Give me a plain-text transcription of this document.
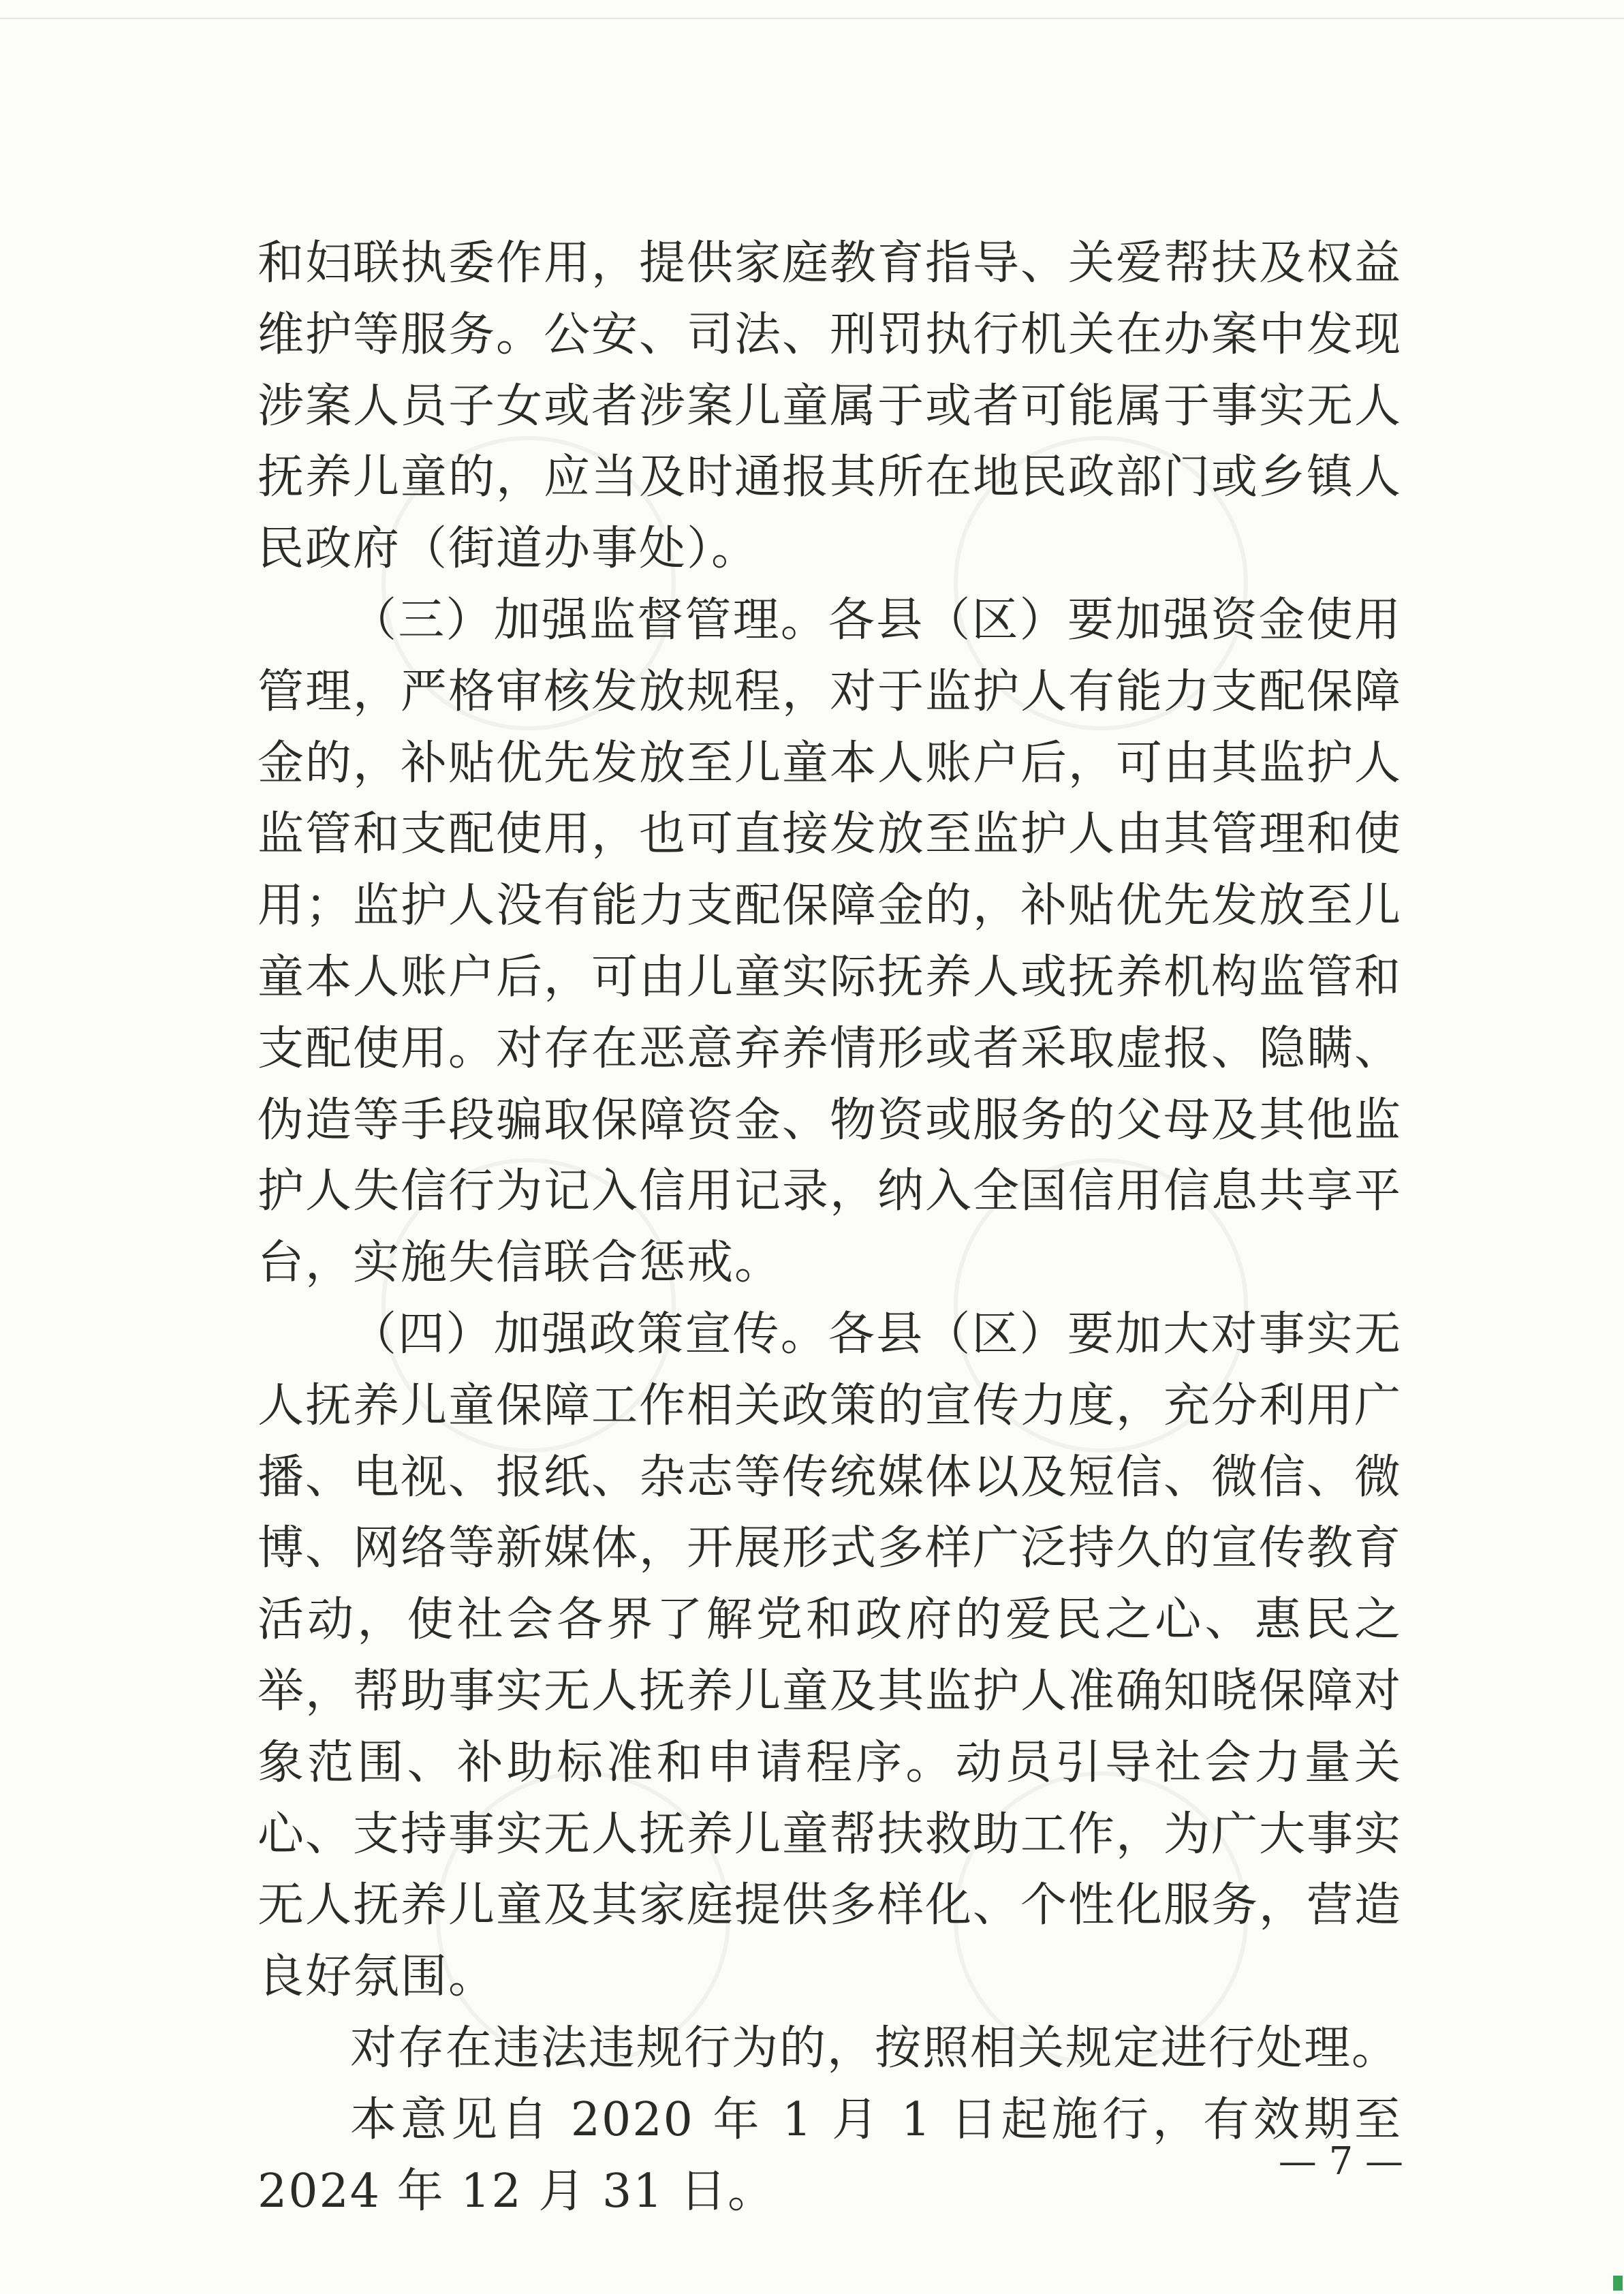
和妇联执委作用，提供家庭教育指导、关爱帮扶及权益维护等服务。公安、司法、刑罚执行机关在办案中发现涉案人员子女或者涉案儿童属于或者可能属于事实无人抚养儿童的，应当及时通报其所在地民政部门或乡镇人民政府（街道办事处）。

（三）加强监督管理。各县（区）要加强资金使用管理，严格审核发放规程，对于监护人有能力支配保障金的，补贴优先发放至儿童本人账户后，可由其监护人监管和支配使用，也可直接发放至监护人由其管理和使用；监护人没有能力支配保障金的，补贴优先发放至儿童本人账户后，可由儿童实际抚养人或抚养机构监管和支配使用。对存在恶意弃养情形或者采取虚报、隐瞒、伪造等手段骗取保障资金、物资或服务的父母及其他监护人失信行为记入信用记录，纳入全国信用信息共享平台，实施失信联合惩戒。

（四）加强政策宣传。各县（区）要加大对事实无人抚养儿童保障工作相关政策的宣传力度，充分利用广播、电视、报纸、杂志等传统媒体以及短信、微信、微博、网络等新媒体，开展形式多样广泛持久的宣传教育活动，使社会各界了解党和政府的爱民之心、惠民之举，帮助事实无人抚养儿童及其监护人准确知晓保障对象范围、补助标准和申请程序。动员引导社会力量关心、支持事实无人抚养儿童帮扶救助工作，为广大事实无人抚养儿童及其家庭提供多样化、个性化服务，营造良好氛围。

对存在违法违规行为的，按照相关规定进行处理。

本意见自 2020 年 1 月 1 日起施行，有效期至 2024 年 12 月 31 日。

— 7 —
